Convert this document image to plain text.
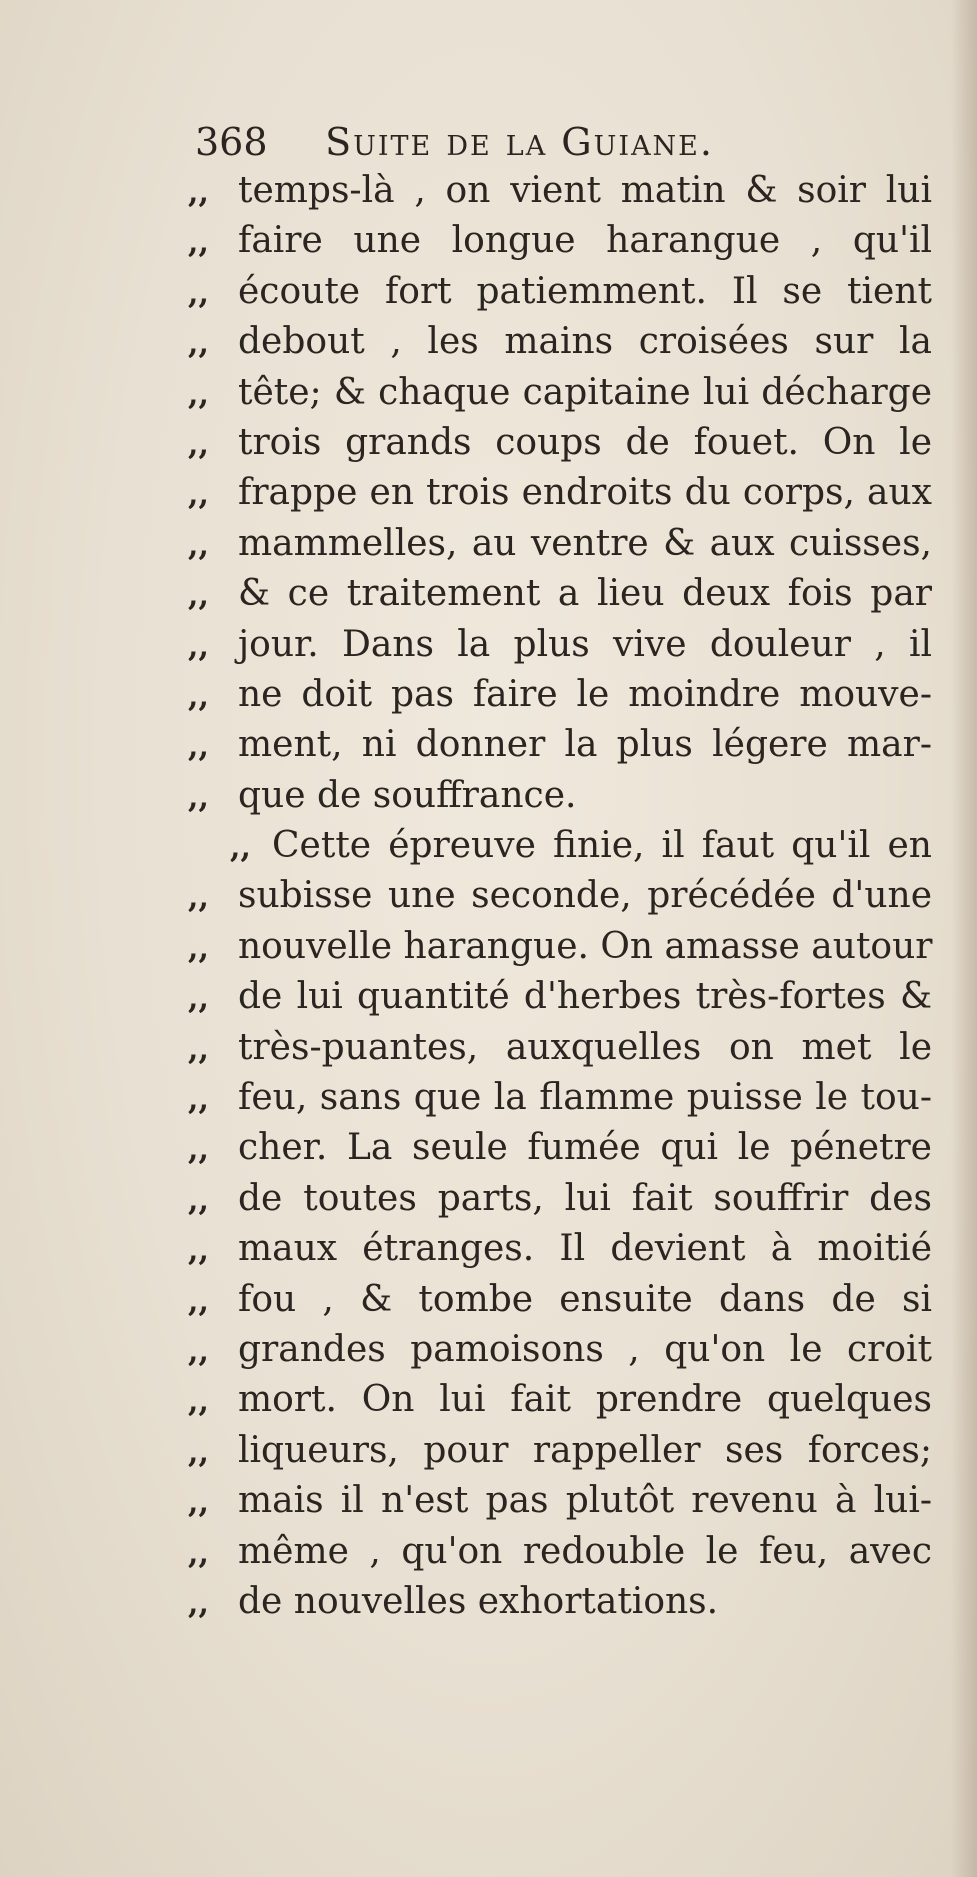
368 Suite de la Guiane.
,, temps-là , on vient matin & soir lui
,, faire une longue harangue , qu'il
,, écoute fort patiemment. Il se tient
,, debout , les mains croisées sur la
,, tête; & chaque capitaine lui décharge
,, trois grands coups de fouet. On le
,, frappe en trois endroits du corps, aux
,, mammelles, au ventre & aux cuisses,
,, & ce traitement a lieu deux fois par
,, jour. Dans la plus vive douleur , il
,, ne doit pas faire le moindre mouve-
,, ment, ni donner la plus légere mar-
,, que de souffrance.
,, Cette épreuve finie, il faut qu'il en
,, subisse une seconde, précédée d'une
,, nouvelle harangue. On amasse autour
,, de lui quantité d'herbes très-fortes &
,, très-puantes, auxquelles on met le
,, feu, sans que la flamme puisse le tou-
,, cher. La seule fumée qui le pénetre
,, de toutes parts, lui fait souffrir des
,, maux étranges. Il devient à moitié
,, fou , & tombe ensuite dans de si
,, grandes pamoisons , qu'on le croit
,, mort. On lui fait prendre quelques
,, liqueurs, pour rappeller ses forces;
,, mais il n'est pas plutôt revenu à lui-
,, même , qu'on redouble le feu, avec
,, de nouvelles exhortations.
